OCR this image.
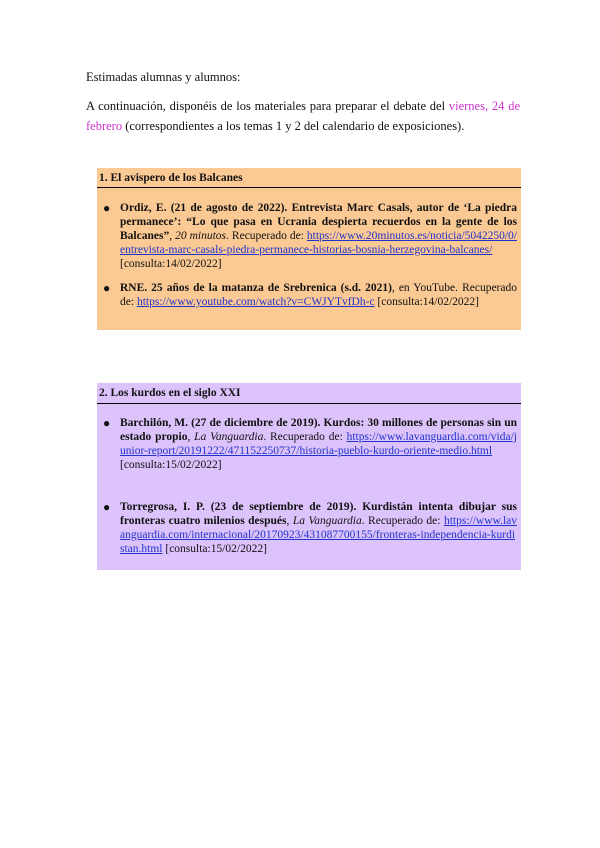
Estimadas alumnas y alumnos:
A continuación, disponéis de los materiales para preparar el debate del viernes, 24 de febrero (correspondientes a los temas 1 y 2 del calendario de exposiciones).
1. El avispero de los Balcanes
● Ordiz, E. (21 de agosto de 2022). Entrevista Marc Casals, autor de ‘La piedra permanece’: “Lo que pasa en Ucrania despierta recuerdos en la gente de los Balcanes”, 20 minutos. Recuperado de: https://www.20minutos.es/noticia/5042250/0/entrevista-marc-casals-piedra-permanece-historias-bosnia-herzegovina-balcanes/ [consulta:14/02/2022]
● RNE. 25 años de la matanza de Srebrenica (s.d. 2021), en YouTube. Recuperado de: https://www.youtube.com/watch?v=CWJYTvfDh-c [consulta:14/02/2022]
2. Los kurdos en el siglo XXI
● Barchilón, M. (27 de diciembre de 2019). Kurdos: 30 millones de personas sin un estado propio, La Vanguardia. Recuperado de: https://www.lavanguardia.com/vida/junior-report/20191222/471152250737/historia-pueblo-kurdo-oriente-medio.html [consulta:15/02/2022]
● Torregrosa, I. P. (23 de septiembre de 2019). Kurdistán intenta dibujar sus fronteras cuatro milenios después, La Vanguardia. Recuperado de: https://www.lavanguardia.com/internacional/20170923/431087700155/fronteras-independencia-kurdistan.html [consulta:15/02/2022]
